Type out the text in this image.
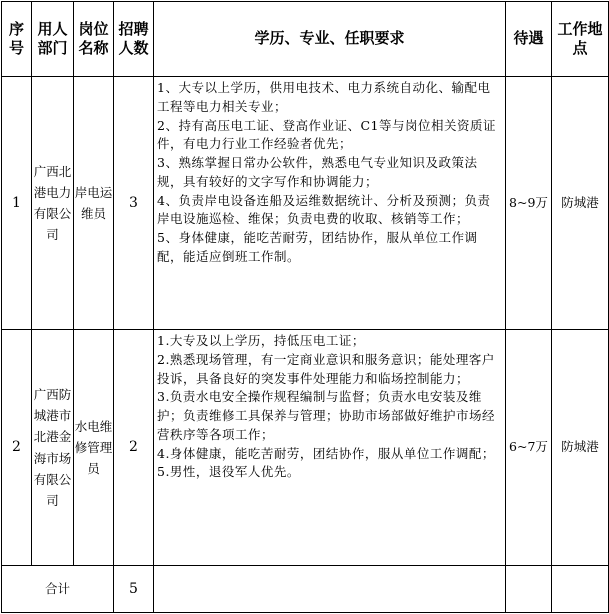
序号	用人部门	岗位名称	招聘人数	学历、专业、任职要求	待遇	工作地点
1	广西北港电力有限公司	岸电运维员	3	1、大专以上学历，供用电技术、电力系统自动化、输配电工程等电力相关专业；

2、持有高压电工证、登高作业证、C1等与岗位相关资质证件，有电力行业工作经验者优先；

3、熟练掌握日常办公软件，熟悉电气专业知识及政策法规，具有较好的文字写作和协调能力；

4、负责岸电设备连船及运维数据统计、分析及预测；负责岸电设施巡检、维保；负责电费的收取、核销等工作；

5、身体健康，能吃苦耐劳，团结协作，服从单位工作调配，能适应倒班工作制。	8~9万	防城港
2	广西防城港市北港金海市场有限公司	水电维修管理员	2	1.大专及以上学历，持低压电工证；

2.熟悉现场管理，有一定商业意识和服务意识；能处理客户投诉，具备良好的突发事件处理能力和临场控制能力；

3.负责水电安全操作规程编制与监督；负责水电安装及维护；负责维修工具保养与管理；协助市场部做好维护市场经营秩序等各项工作；

4.身体健康，能吃苦耐劳，团结协作，服从单位工作调配；

5.男性，退役军人优先。	6~7万	防城港
合计			5			
